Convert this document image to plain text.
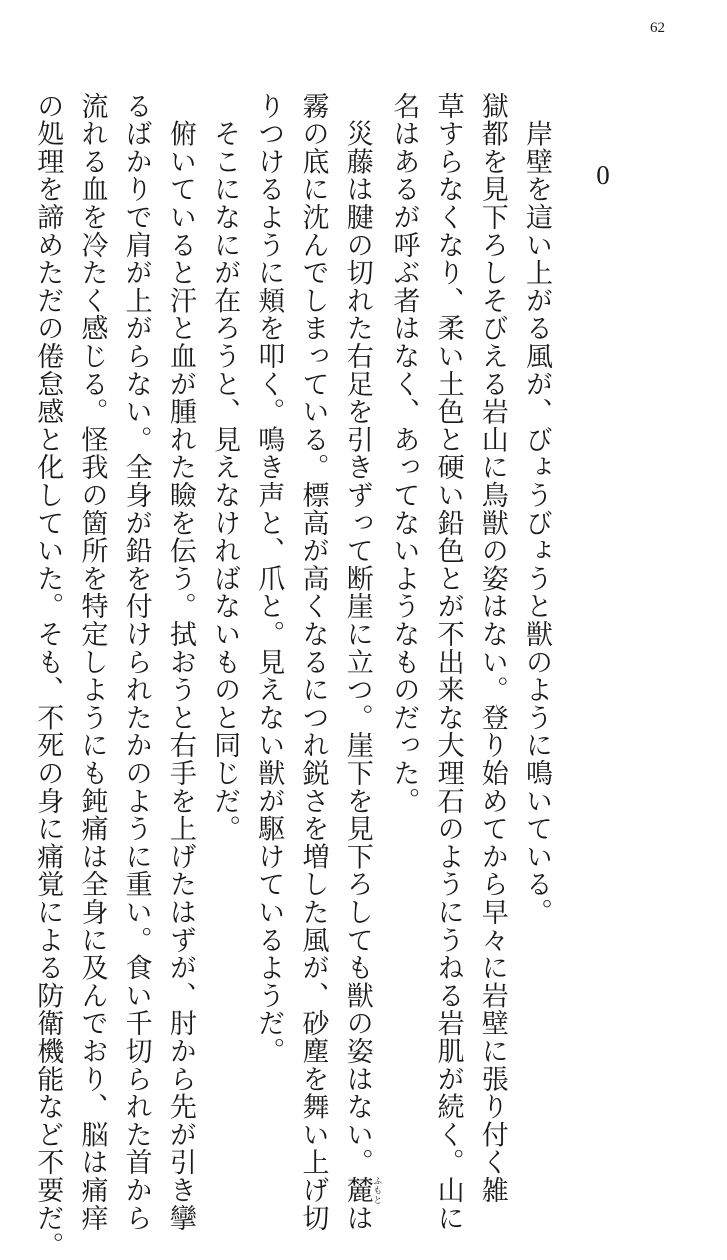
62
0
　岸壁を這い上がる風が、びょうびょうと獣のように鳴いている。
獄都を見下ろしそびえる岩山に鳥獣の姿はない。登り始めてから早々に岩壁に張り付く雑
草すらなくなり、柔い土色と硬い鉛色とが不出来な大理石のようにうねる岩肌が続く。山に
名はあるが呼ぶ者はなく、あってないようなものだった。
　災藤は腱の切れた右足を引きずって断崖に立つ。崖下を見下ろしても獣の姿はない。麓ふもとは
霧の底に沈んでしまっている。標高が高くなるにつれ鋭さを増した風が、砂塵を舞い上げ切
りつけるように頬を叩く。鳴き声と、爪と。見えない獣が駆けているようだ。
　そこになにが在ろうと、見えなければないものと同じだ。
　俯いていると汗と血が腫れた瞼を伝う。拭おうと右手を上げたはずが、肘から先が引き攣
るばかりで肩が上がらない。全身が鉛を付けられたかのように重い。食い千切られた首から
流れる血を冷たく感じる。怪我の箇所を特定しようにも鈍痛は全身に及んでおり、脳は痛痒
の処理を諦めただの倦怠感と化していた。そも、不死の身に痛覚による防衛機能など不要だ。
